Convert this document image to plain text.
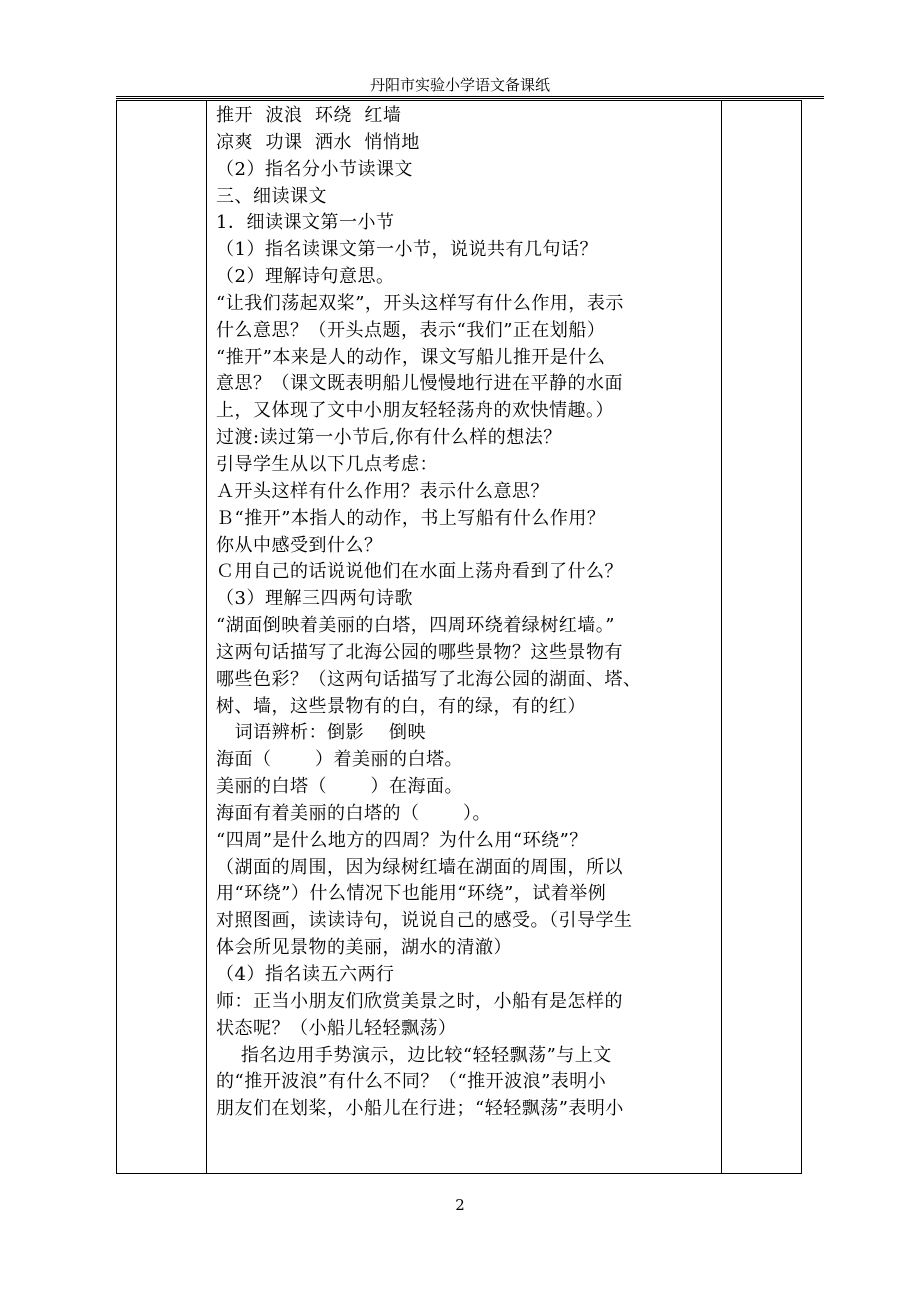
丹阳市实验小学语文备课纸
推开  波浪  环绕  红墙
凉爽  功课  洒水  悄悄地
（2）指名分小节读课文
三、细读课文
1．细读课文第一小节
（1）指名读课文第一小节，说说共有几句话？
（2）理解诗句意思。
“让我们荡起双桨”，开头这样写有什么作用，表示
什么意思？（开头点题，表示“我们”正在划船）
“推开”本来是人的动作，课文写船儿推开是什么
意思？（课文既表明船儿慢慢地行进在平静的水面
上，又体现了文中小朋友轻轻荡舟的欢快情趣。）
过渡:读过第一小节后,你有什么样的想法？
引导学生从以下几点考虑：
Ａ开头这样有什么作用？表示什么意思？
Ｂ“推开”本指人的动作，书上写船有什么作用？
你从中感受到什么？
Ｃ用自己的话说说他们在水面上荡舟看到了什么？
（3）理解三四两句诗歌
“湖面倒映着美丽的白塔，四周环绕着绿树红墙。”
这两句话描写了北海公园的哪些景物？这些景物有
哪些色彩？（这两句话描写了北海公园的湖面、塔、
树、墙，这些景物有的白，有的绿，有的红）
词语辨析：倒影    倒映
海面（       ）着美丽的白塔。
美丽的白塔（       ）在海面。
海面有着美丽的白塔的（       ）。
“四周”是什么地方的四周？为什么用“环绕”？
（湖面的周围，因为绿树红墙在湖面的周围，所以
用“环绕”）什么情况下也能用“环绕”，试着举例
对照图画，读读诗句，说说自己的感受。（引导学生
体会所见景物的美丽，湖水的清澈）
（4）指名读五六两行
师：正当小朋友们欣赏美景之时，小船有是怎样的
状态呢？（小船儿轻轻飘荡）
指名边用手势演示，边比较“轻轻飘荡”与上文
的“推开波浪”有什么不同？（“推开波浪”表明小
朋友们在划桨，小船儿在行进；“轻轻飘荡”表明小
2
